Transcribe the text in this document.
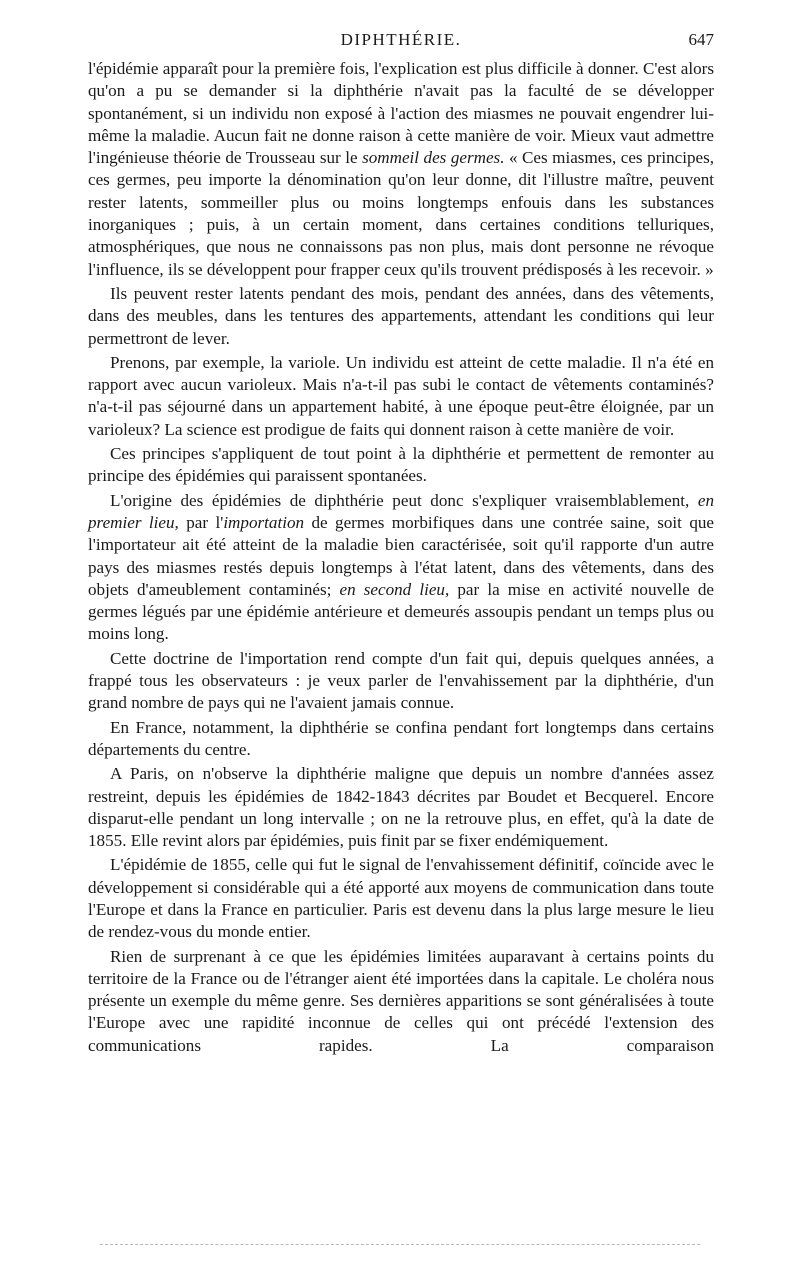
DIPHTHÉRIE.	647

l'épidémie apparaît pour la première fois, l'explication est plus difficile à donner. C'est alors qu'on a pu se demander si la diphthérie n'avait pas la faculté de se développer spontanément, si un individu non exposé à l'action des miasmes ne pouvait engendrer lui-même la maladie. Aucun fait ne donne raison à cette manière de voir. Mieux vaut admettre l'ingénieuse théorie de Trousseau sur le sommeil des germes. « Ces miasmes, ces principes, ces germes, peu importe la dénomination qu'on leur donne, dit l'illustre maître, peuvent rester latents, sommeiller plus ou moins longtemps enfouis dans les substances inorganiques ; puis, à un certain moment, dans certaines conditions telluriques, atmosphériques, que nous ne connaissons pas non plus, mais dont personne ne révoque l'influence, ils se développent pour frapper ceux qu'ils trouvent prédisposés à les recevoir. »

Ils peuvent rester latents pendant des mois, pendant des années, dans des vêtements, dans des meubles, dans les tentures des appartements, attendant les conditions qui leur permettront de lever.

Prenons, par exemple, la variole. Un individu est atteint de cette maladie. Il n'a été en rapport avec aucun varioleux. Mais n'a-t-il pas subi le contact de vêtements contaminés? n'a-t-il pas séjourné dans un appartement habité, à une époque peut-être éloignée, par un varioleux? La science est prodigue de faits qui donnent raison à cette manière de voir.

Ces principes s'appliquent de tout point à la diphthérie et permettent de remonter au principe des épidémies qui paraissent spontanées.

L'origine des épidémies de diphthérie peut donc s'expliquer vraisemblablement, en premier lieu, par l'importation de germes morbifiques dans une contrée saine, soit que l'importateur ait été atteint de la maladie bien caractérisée, soit qu'il rapporte d'un autre pays des miasmes restés depuis longtemps à l'état latent, dans des vêtements, dans des objets d'ameublement contaminés; en second lieu, par la mise en activité nouvelle de germes légués par une épidémie antérieure et demeurés assoupis pendant un temps plus ou moins long.

Cette doctrine de l'importation rend compte d'un fait qui, depuis quelques années, a frappé tous les observateurs : je veux parler de l'envahissement par la diphthérie, d'un grand nombre de pays qui ne l'avaient jamais connue.

En France, notamment, la diphthérie se confina pendant fort longtemps dans certains départements du centre.

A Paris, on n'observe la diphthérie maligne que depuis un nombre d'années assez restreint, depuis les épidémies de 1842-1843 décrites par Boudet et Becquerel. Encore disparut-elle pendant un long intervalle ; on ne la retrouve plus, en effet, qu'à la date de 1855. Elle revint alors par épidémies, puis finit par se fixer endémiquement.

L'épidémie de 1855, celle qui fut le signal de l'envahissement définitif, coïncide avec le développement si considérable qui a été apporté aux moyens de communication dans toute l'Europe et dans la France en particulier. Paris est devenu dans la plus large mesure le lieu de rendez-vous du monde entier.

Rien de surprenant à ce que les épidémies limitées auparavant à certains points du territoire de la France ou de l'étranger aient été importées dans la capitale. Le choléra nous présente un exemple du même genre. Ses dernières apparitions se sont généralisées à toute l'Europe avec une rapidité inconnue de celles qui ont précédé l'extension des communications rapides. La comparaison
